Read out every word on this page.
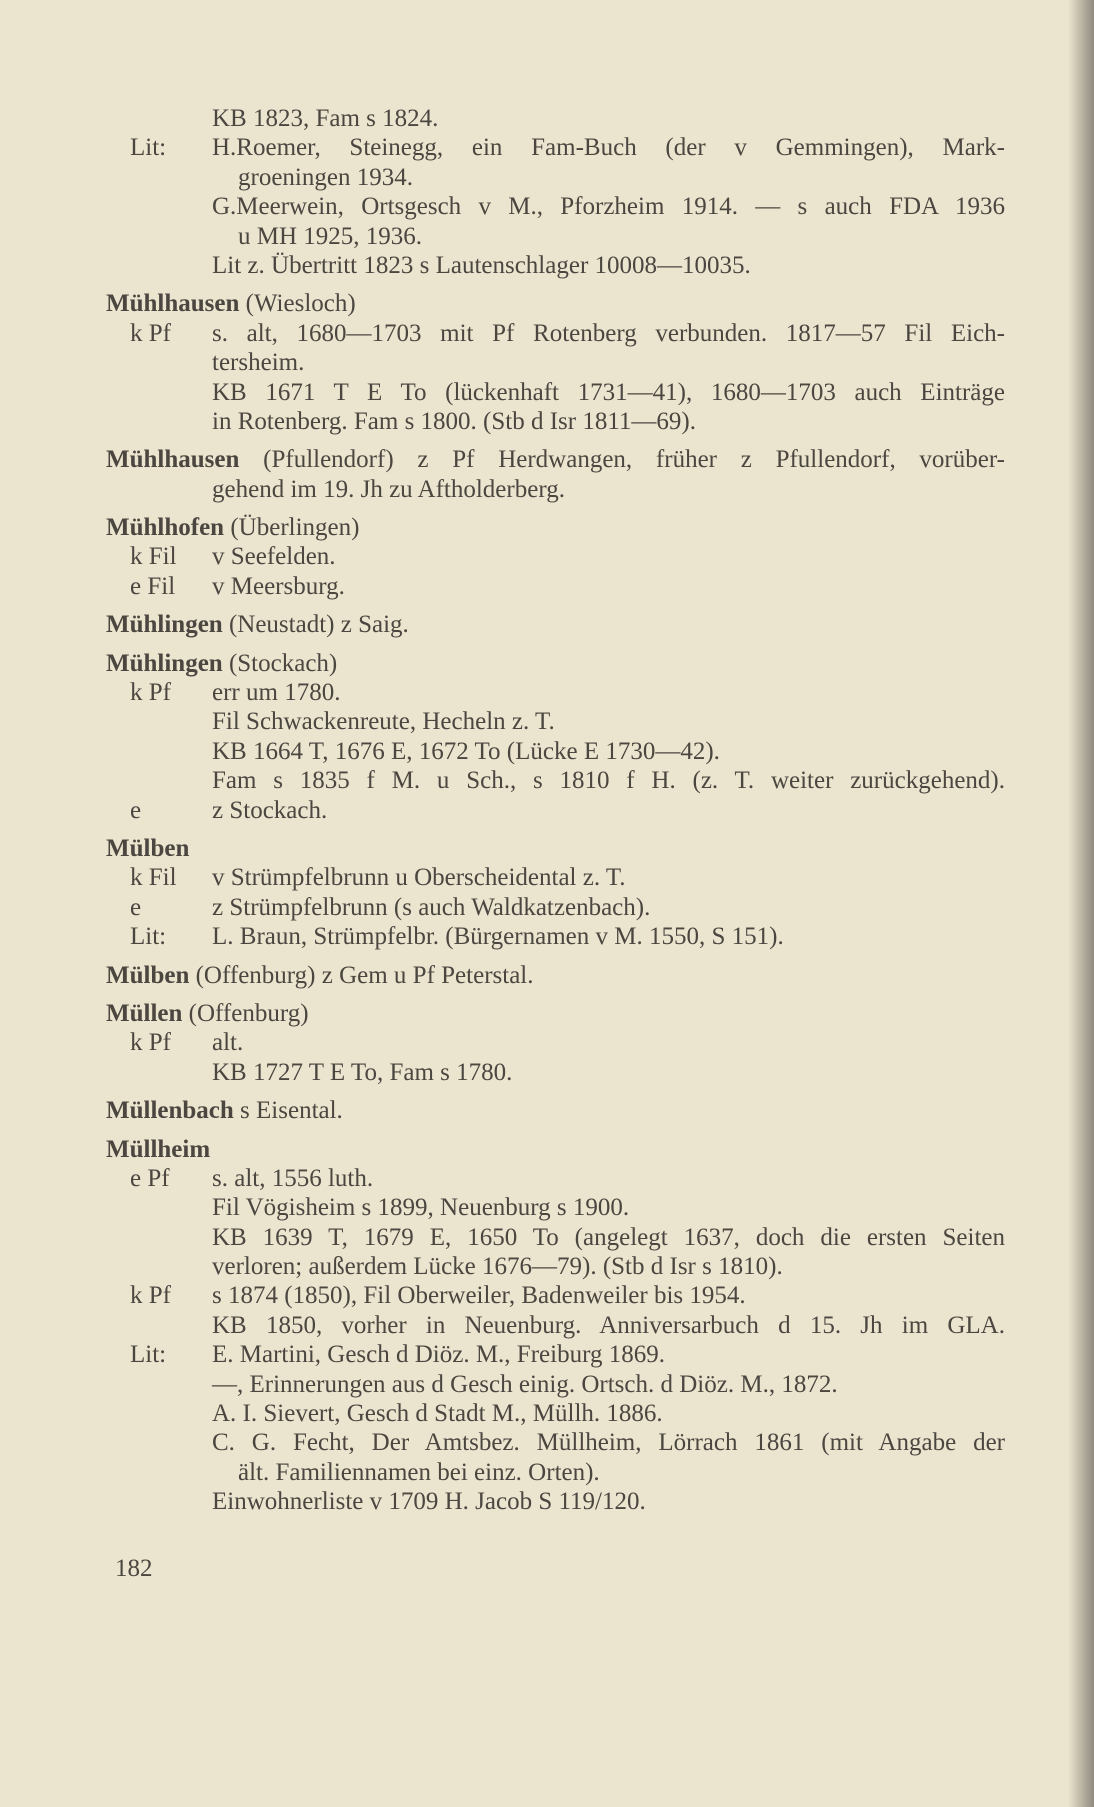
KB 1823, Fam s 1824.
Lit: H.Roemer, Steinegg, ein Fam-Buch (der v Gemmingen), Mark-
groeningen 1934.
G.Meerwein, Ortsgesch v M., Pforzheim 1914. — s auch FDA 1936
u MH 1925, 1936.
Lit z. Übertritt 1823 s Lautenschlager 10008—10035.
Mühlhausen (Wiesloch)
k Pf s. alt, 1680—1703 mit Pf Rotenberg verbunden. 1817—57 Fil Eich-
tersheim.
KB 1671 T E To (lückenhaft 1731—41), 1680—1703 auch Einträge
in Rotenberg. Fam s 1800. (Stb d Isr 1811—69).
Mühlhausen (Pfullendorf) z Pf Herdwangen, früher z Pfullendorf, vorüber-
gehend im 19. Jh zu Aftholderberg.
Mühlhofen (Überlingen)
k Fil v Seefelden.
e Fil v Meersburg.
Mühlingen (Neustadt) z Saig.
Mühlingen (Stockach)
k Pf err um 1780.
Fil Schwackenreute, Hecheln z. T.
KB 1664 T, 1676 E, 1672 To (Lücke E 1730—42).
Fam s 1835 f M. u Sch., s 1810 f H. (z. T. weiter zurückgehend).
e	z Stockach.
Mülben
k Fil v Strümpfelbrunn u Oberscheidental z. T.
e	z Strümpfelbrunn (s auch Waldkatzenbach).
Lit: L. Braun, Strümpfelbr. (Bürgernamen v M. 1550, S 151).
Mülben (Offenburg) z Gem u Pf Peterstal.
Müllen (Offenburg)
k Pf alt.
KB 1727 T E To, Fam s 1780.
Müllenbach s Eisental.
Müllheim
e Pf s. alt, 1556 luth.
Fil Vögisheim s 1899, Neuenburg s 1900.
KB 1639 T, 1679 E, 1650 To (angelegt 1637, doch die ersten Seiten
verloren; außerdem Lücke 1676—79). (Stb d Isr s 1810).
k Pf s 1874 (1850), Fil Oberweiler, Badenweiler bis 1954.
KB 1850, vorher in Neuenburg. Anniversarbuch d 15. Jh im GLA.
Lit: E. Martini, Gesch d Diöz. M., Freiburg 1869.
—, Erinnerungen aus d Gesch einig. Ortsch. d Diöz. M., 1872.
A. I. Sievert, Gesch d Stadt M., Müllh. 1886.
C. G. Fecht, Der Amtsbez. Müllheim, Lörrach 1861 (mit Angabe der
ält. Familiennamen bei einz. Orten).
Einwohnerliste v 1709 H. Jacob S 119/120.
182
